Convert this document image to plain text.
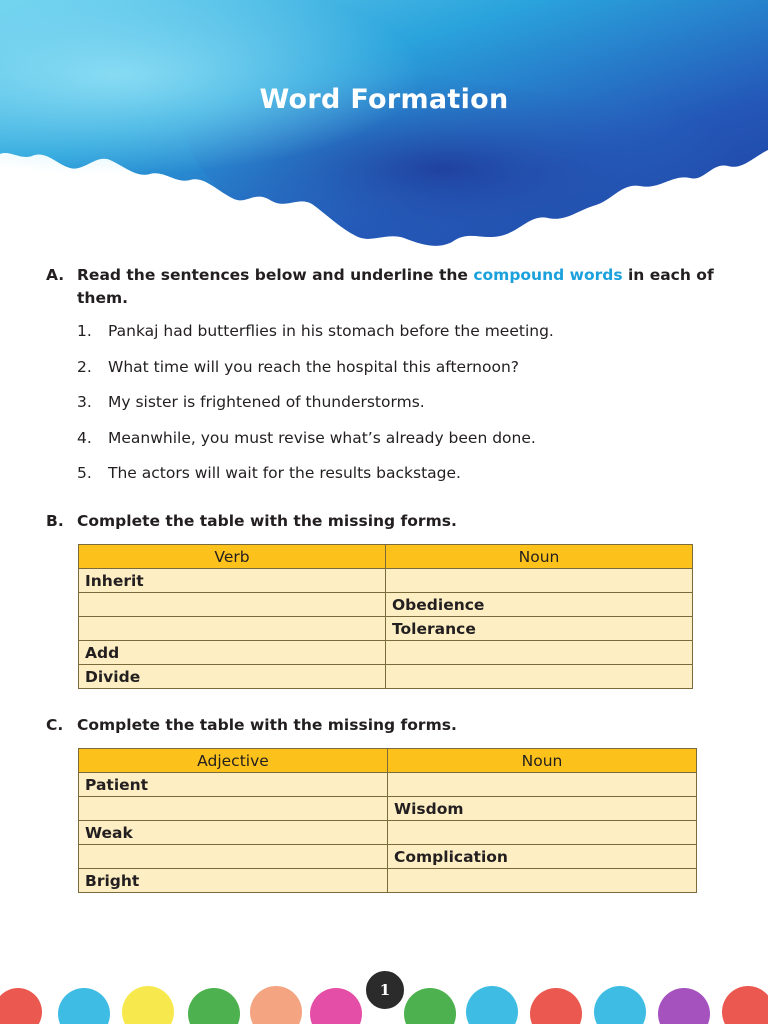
Word Formation
A. Read the sentences below and underline the compound words in each of them.
1. Pankaj had butterflies in his stomach before the meeting.
2. What time will you reach the hospital this afternoon?
3. My sister is frightened of thunderstorms.
4. Meanwhile, you must revise what’s already been done.
5. The actors will wait for the results backstage.
B. Complete the table with the missing forms.
Verb	Noun
Inherit	
	Obedience
	Tolerance
Add	
Divide	
C. Complete the table with the missing forms.
Adjective	Noun
Patient	
	Wisdom
Weak	
	Complication
Bright	
1
